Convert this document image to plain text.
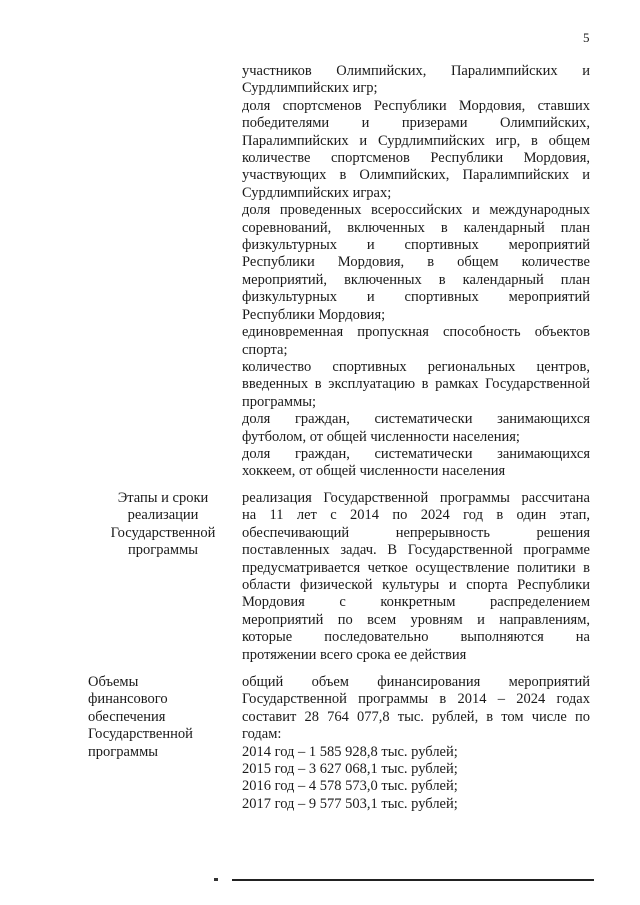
5
участников Олимпийских, Паралимпийских и
Сурдлимпийских игр;
доля спортсменов Республики Мордовия, ставших
победителями и призерами Олимпийских,
Паралимпийских и Сурдлимпийских игр, в общем
количестве спортсменов Республики Мордовия,
участвующих в Олимпийских, Паралимпийских и
Сурдлимпийских играх;
доля проведенных всероссийских и международных
соревнований, включенных в календарный план
физкультурных и спортивных мероприятий
Республики Мордовия, в общем количестве
мероприятий, включенных в календарный план
физкультурных и спортивных мероприятий
Республики Мордовия;
единовременная пропускная способность объектов
спорта;
количество спортивных региональных центров,
введенных в эксплуатацию в рамках Государственной
программы;
доля граждан, систематически занимающихся
футболом, от общей численности населения;
доля граждан, систематически занимающихся
хоккеем, от общей численности населения
Этапы и сроки
реализации
Государственной
программы
реализация Государственной программы рассчитана
на 11 лет с 2014 по 2024 год в один этап,
обеспечивающий непрерывность решения
поставленных задач. В Государственной программе
предусматривается четкое осуществление политики в
области физической культуры и спорта Республики
Мордовия с конкретным распределением
мероприятий по всем уровням и направлениям,
которые последовательно выполняются на
протяжении всего срока ее действия
Объемы
финансового
обеспечения
Государственной
программы
общий объем финансирования мероприятий
Государственной программы в 2014 – 2024 годах
составит 28 764 077,8 тыс. рублей, в том числе по
годам:
2014 год – 1 585 928,8 тыс. рублей;
2015 год – 3 627 068,1 тыс. рублей;
2016 год – 4 578 573,0 тыс. рублей;
2017 год – 9 577 503,1 тыс. рублей;
